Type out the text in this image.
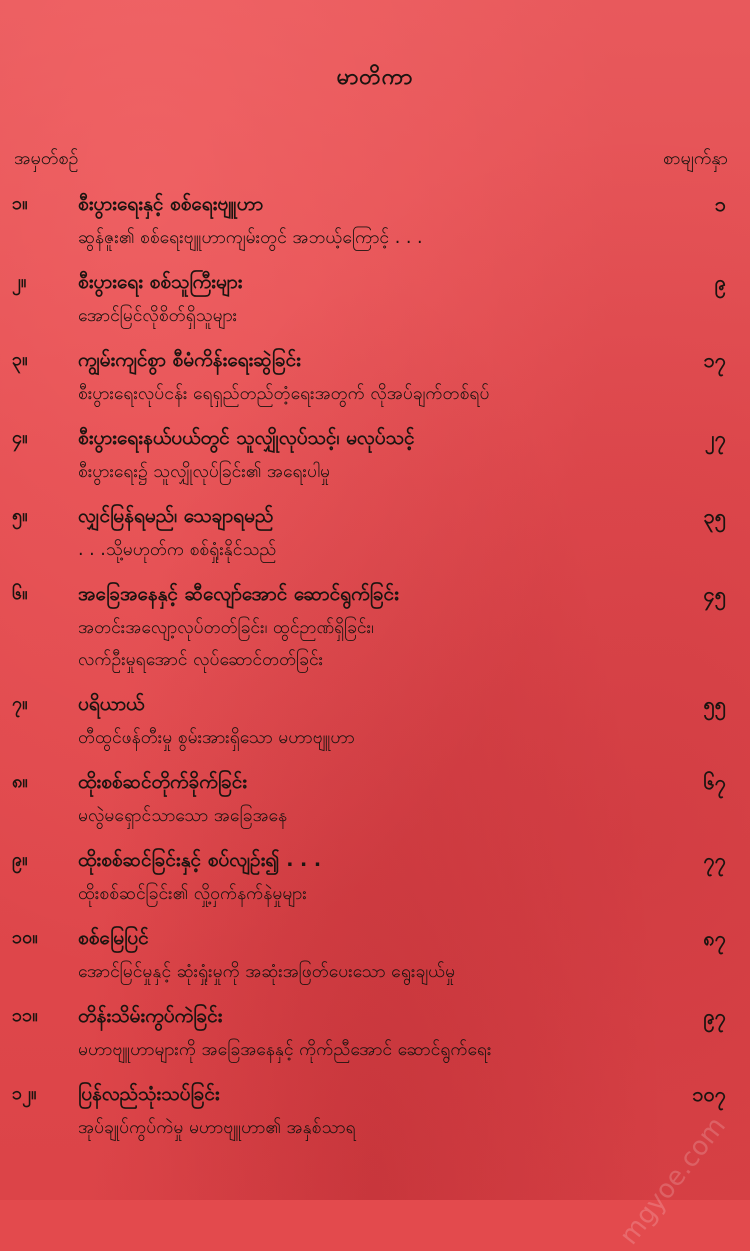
မာတိကာ
အမှတ်စဉ်	စာမျက်နှာ
၁။	စီးပွားရေးနှင့် စစ်ရေးဗျူဟာ	၁
ဆွန်ဇူး၏ စစ်ရေးဗျူဟာကျမ်းတွင် အဘယ့်ကြောင့် . . .
၂။	စီးပွားရေး စစ်သူကြီးများ	၉
အောင်မြင်လိုစိတ်ရှိသူများ
၃။	ကျွမ်းကျင်စွာ စီမံကိန်းရေးဆွဲခြင်း	၁၇
စီးပွားရေးလုပ်ငန်း ရေရှည်တည်တံ့ရေးအတွက် လိုအပ်ချက်တစ်ရပ်
၄။	စီးပွားရေးနယ်ပယ်တွင် သူလျှိုလုပ်သင့်၊ မလုပ်သင့်	၂၇
စီးပွားရေး၌ သူလျှိုလုပ်ခြင်း၏ အရေးပါမှု
၅။	လျှင်မြန်ရမည်၊ သေချာရမည်	၃၅
. . .သို့မဟုတ်က စစ်ရှုံးနိုင်သည်
၆။	အခြေအနေနှင့် ဆီလျော်အောင် ဆောင်ရွက်ခြင်း	၄၅
အတင်းအလျော့လုပ်တတ်ခြင်း၊ ထွင်ဉာဏ်ရှိခြင်း၊
လက်ဦးမှုရအောင် လုပ်ဆောင်တတ်ခြင်း
၇။	ပရိယာယ်	၅၅
တီထွင်ဖန်တီးမှု စွမ်းအားရှိသော မဟာဗျူဟာ
၈။	ထိုးစစ်ဆင်တိုက်ခိုက်ခြင်း	၆၇
မလွဲမရှောင်သာသော အခြေအနေ
၉။	ထိုးစစ်ဆင်ခြင်းနှင့် စပ်လျဉ်း၍ . . .	၇၇
ထိုးစစ်ဆင်ခြင်း၏ လှို့ဝှက်နက်နဲမှုများ
၁၀။ စစ်မြေပြင်	၈၇
အောင်မြင်မှုနှင့် ဆုံးရှုံးမှုကို အဆုံးအဖြတ်ပေးသော ရွေးချယ်မှု
၁၁။ တိန်းသိမ်းကွပ်ကဲခြင်း	၉၇
မဟာဗျူဟာများကို အခြေအနေနှင့် ကိုက်ညီအောင် ဆောင်ရွက်ရေး
၁၂။ ပြန်လည်သုံးသပ်ခြင်း	၁၀၇
အုပ်ချုပ်ကွပ်ကဲမှု မဟာဗျူဟာ၏ အနှစ်သာရ	mgyoe.com
